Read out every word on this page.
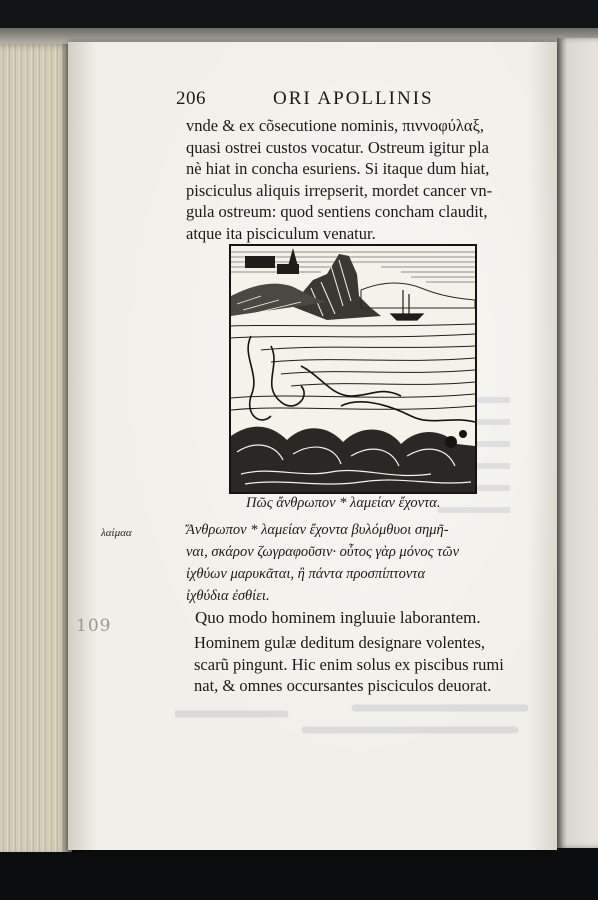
206	ORI APOLLINIS
vnde & ex cõsecutione nominis, πιννοφύλαξ,
quasi ostrei custos vocatur. Ostreum igitur pla
nè hiat in concha esuriens. Si itaque dum hiat,
pisciculus aliquis irrepserit, mordet cancer vn-
gula ostreum: quod sentiens concham claudit,
atque ita pisciculum venatur.
Πῶς ἄνθρωπον * λαμείαν ἔχοντα.
λαίμαα	Ἄνθρωπον * λαμείαν ἔχοντα βυλόμθυοι σημῆ-
ναι, σκάρον ζωγραφοῦσιν· οὗτος γὰρ μόνος τῶν
ἰχθύων μαρυκᾶται, ἢ πάντα προσπίπτοντα
ἰχθύδια ἐσθίει.
109	Quo modo hominem ingluuie laborantem.
Hominem gulæ deditum designare volentes,
scarũ pingunt. Hic enim solus ex piscibus rumi
nat, & omnes occursantes pisciculos deuorat.
